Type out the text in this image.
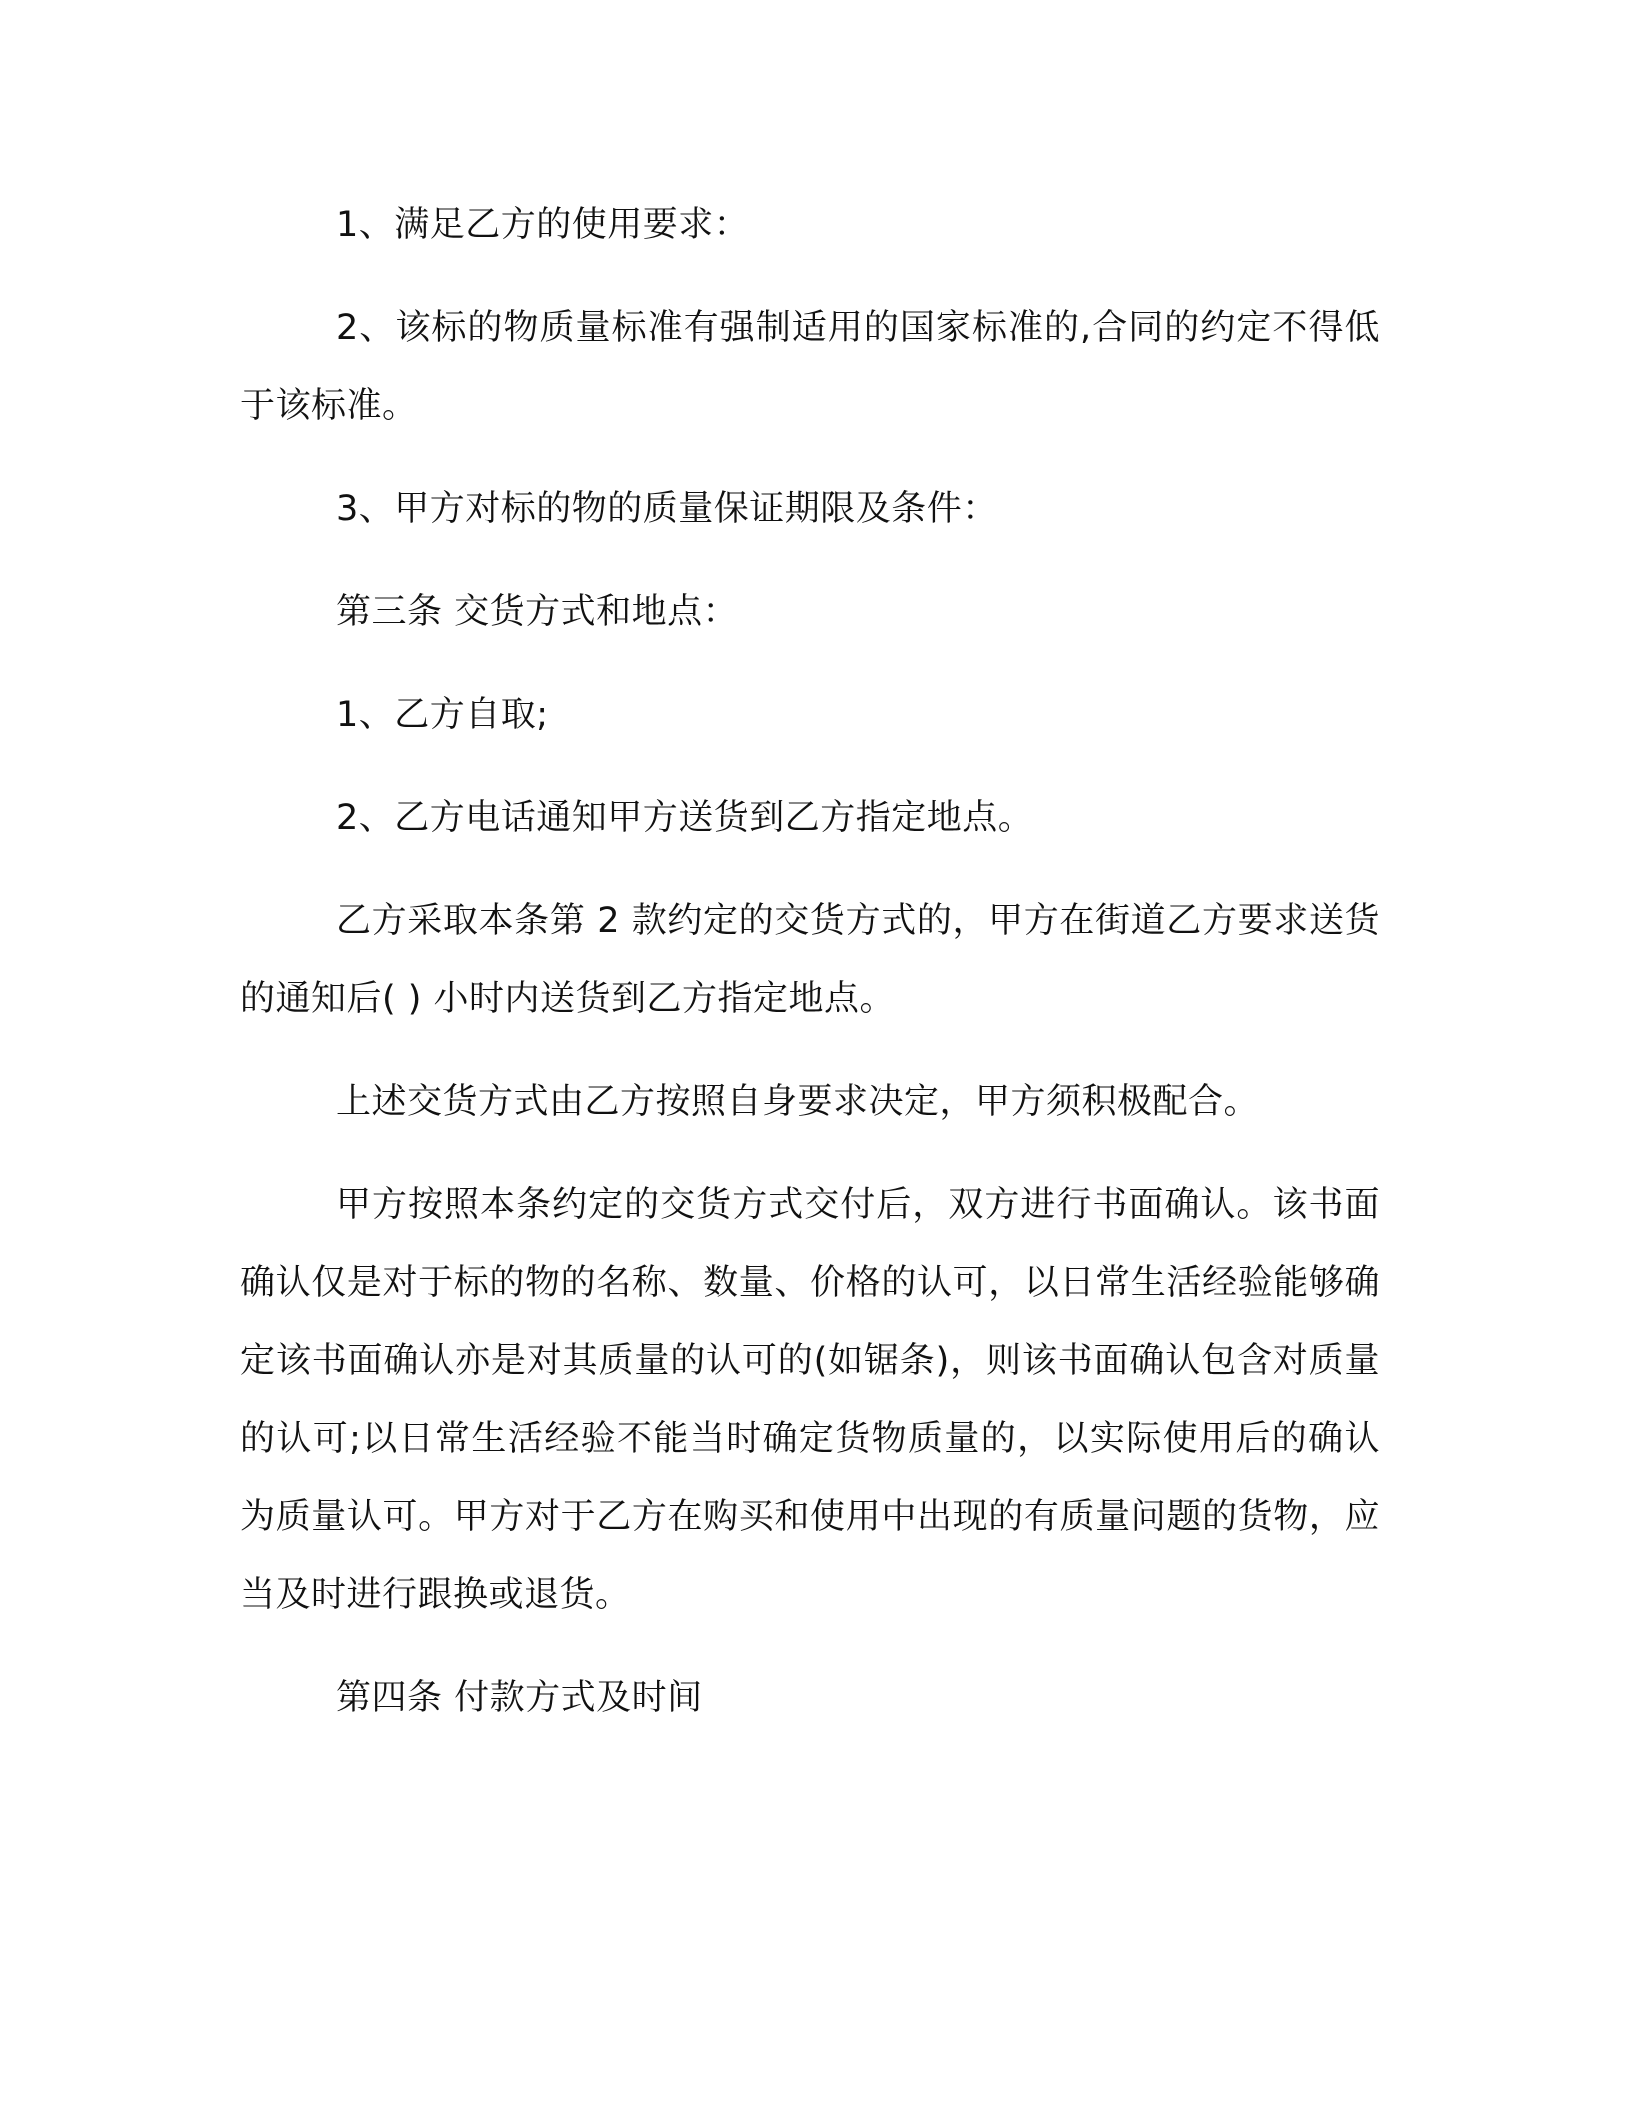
1、满足乙方的使用要求：

2、该标的物质量标准有强制适用的国家标准的,合同的约定不得低于该标准。

3、甲方对标的物的质量保证期限及条件：

第三条 交货方式和地点：

1、乙方自取;

2、乙方电话通知甲方送货到乙方指定地点。

乙方采取本条第 2 款约定的交货方式的，甲方在街道乙方要求送货的通知后( ) 小时内送货到乙方指定地点。

上述交货方式由乙方按照自身要求决定，甲方须积极配合。

甲方按照本条约定的交货方式交付后，双方进行书面确认。该书面确认仅是对于标的物的名称、数量、价格的认可，以日常生活经验能够确定该书面确认亦是对其质量的认可的(如锯条)，则该书面确认包含对质量的认可;以日常生活经验不能当时确定货物质量的，以实际使用后的确认为质量认可。甲方对于乙方在购买和使用中出现的有质量问题的货物，应当及时进行跟换或退货。

第四条 付款方式及时间
